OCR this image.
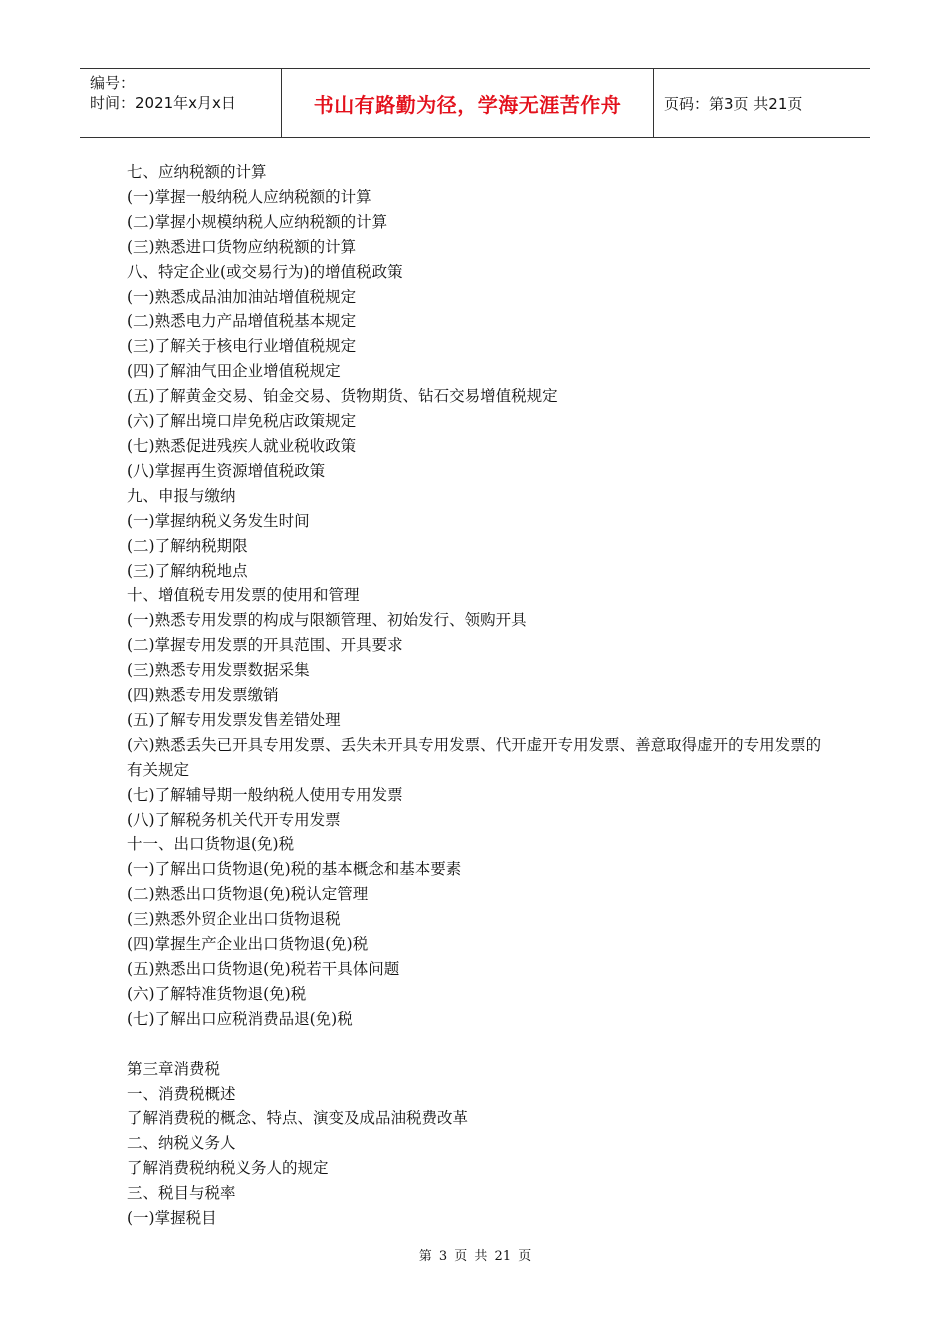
编号：
时间：2021年x月x日	书山有路勤为径，学海无涯苦作舟	页码：第3页 共21页
七、应纳税额的计算
(一)掌握一般纳税人应纳税额的计算
(二)掌握小规模纳税人应纳税额的计算
(三)熟悉进口货物应纳税额的计算
八、特定企业(或交易行为)的增值税政策
(一)熟悉成品油加油站增值税规定
(二)熟悉电力产品增值税基本规定
(三)了解关于核电行业增值税规定
(四)了解油气田企业增值税规定
(五)了解黄金交易、铂金交易、货物期货、钻石交易增值税规定
(六)了解出境口岸免税店政策规定
(七)熟悉促进残疾人就业税收政策
(八)掌握再生资源增值税政策
九、申报与缴纳
(一)掌握纳税义务发生时间
(二)了解纳税期限
(三)了解纳税地点
十、增值税专用发票的使用和管理
(一)熟悉专用发票的构成与限额管理、初始发行、领购开具
(二)掌握专用发票的开具范围、开具要求
(三)熟悉专用发票数据采集
(四)熟悉专用发票缴销
(五)了解专用发票发售差错处理
(六)熟悉丢失已开具专用发票、丢失未开具专用发票、代开虚开专用发票、善意取得虚开的专用发票的有关规定
(七)了解辅导期一般纳税人使用专用发票
(八)了解税务机关代开专用发票
十一、出口货物退(免)税
(一)了解出口货物退(免)税的基本概念和基本要素
(二)熟悉出口货物退(免)税认定管理
(三)熟悉外贸企业出口货物退税
(四)掌握生产企业出口货物退(免)税
(五)熟悉出口货物退(免)税若干具体问题
(六)了解特准货物退(免)税
(七)了解出口应税消费品退(免)税
第三章消费税
一、消费税概述
了解消费税的概念、特点、演变及成品油税费改革
二、纳税义务人
了解消费税纳税义务人的规定
三、税目与税率
(一)掌握税目
第 3 页 共 21 页
